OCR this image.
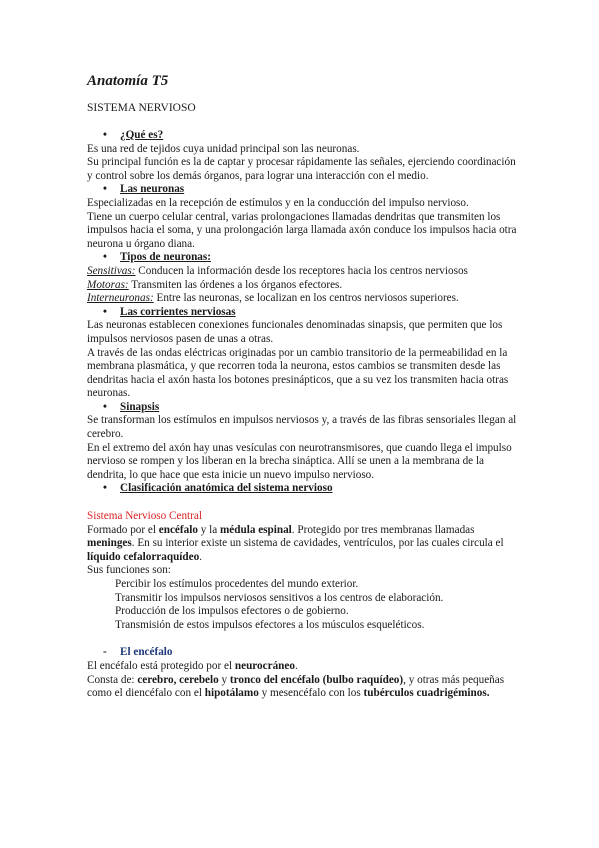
Anatomía T5

SISTEMA NERVIOSO

• ¿Qué es?

Es una red de tejidos cuya unidad principal son las neuronas.

Su principal función es la de captar y procesar rápidamente las señales, ejerciendo coordinación y control sobre los demás órganos, para lograr una interacción con el medio.

• Las neuronas

Especializadas en la recepción de estímulos y en la conducción del impulso nervioso.

Tiene un cuerpo celular central, varias prolongaciones llamadas dendritas que transmiten los impulsos hacia el soma, y una prolongación larga llamada axón conduce los impulsos hacia otra neurona u órgano diana.

• Tipos de neuronas:

Sensitivas: Conducen la información desde los receptores hacia los centros nerviosos

Motoras: Transmiten las órdenes a los órganos efectores.

Interneuronas: Entre las neuronas, se localizan en los centros nerviosos superiores.

• Las corrientes nerviosas

Las neuronas establecen conexiones funcionales denominadas sinapsis, que permiten que los impulsos nerviosos pasen de unas a otras.

A través de las ondas eléctricas originadas por un cambio transitorio de la permeabilidad en la membrana plasmática, y que recorren toda la neurona, estos cambios se transmiten desde las dendritas hacia el axón hasta los botones presinápticos, que a su vez los transmiten hacia otras neuronas.

• Sinapsis

Se transforman los estímulos en impulsos nerviosos y, a través de las fibras sensoriales llegan al cerebro.

En el extremo del axón hay unas vesículas con neurotransmisores, que cuando llega el impulso nervioso se rompen y los liberan en la brecha sináptica. Allí se unen a la membrana de la dendrita, lo que hace que esta inicie un nuevo impulso nervioso.

• Clasificación anatómica del sistema nervioso

Sistema Nervioso Central

Formado por el encéfalo y la médula espinal. Protegido por tres membranas llamadas meninges. En su interior existe un sistema de cavidades, ventrículos, por las cuales circula el líquido cefalorraquídeo.

Sus funciones son:

Percibir los estímulos procedentes del mundo exterior.

Transmitir los impulsos nerviosos sensitivos a los centros de elaboración.

Producción de los impulsos efectores o de gobierno.

Transmisión de estos impulsos efectores a los músculos esqueléticos.

- El encéfalo

El encéfalo está protegido por el neurocráneo.

Consta de: cerebro, cerebelo y tronco del encéfalo (bulbo raquídeo), y otras más pequeñas como el diencéfalo con el hipotálamo y mesencéfalo con los tubérculos cuadrigéminos.
